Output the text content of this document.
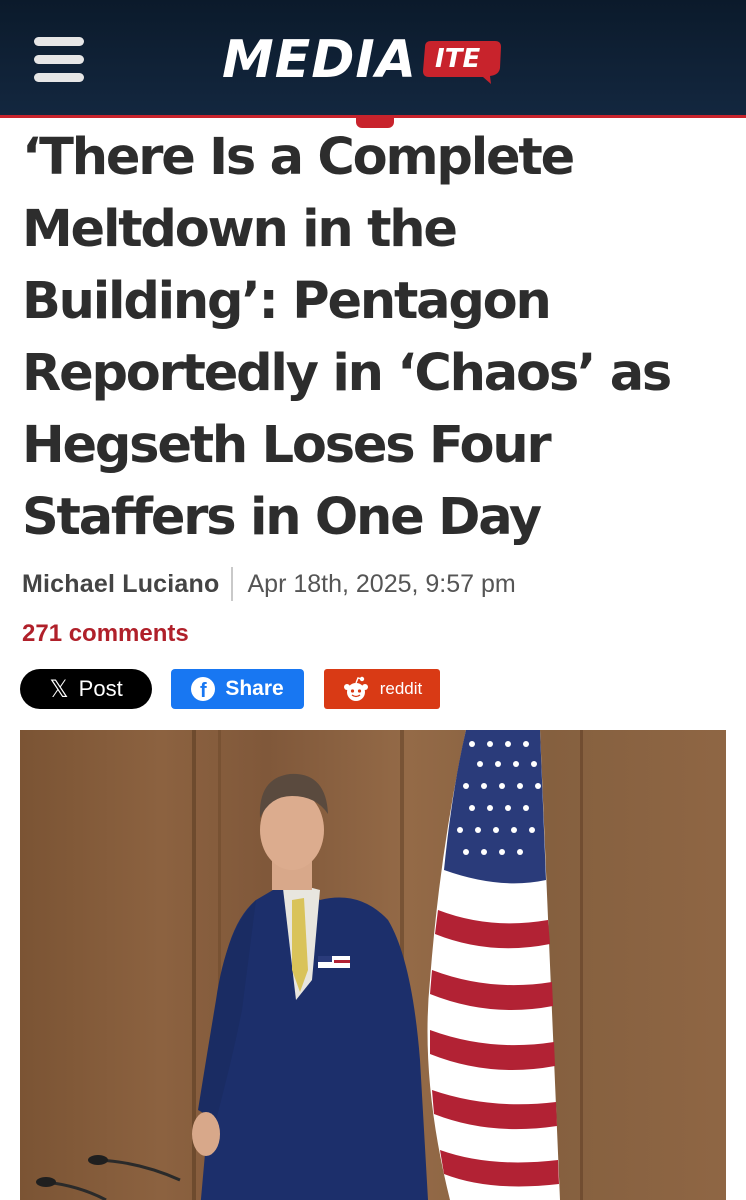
MEDIA ITE
‘There Is a Complete
Meltdown in the
Building’: Pentagon
Reportedly in ‘Chaos’ as
Hegseth Loses Four
Staffers in One Day
Michael Luciano Apr 18th, 2025, 9:57 pm
271 comments
𝕏 Post	f Share	reddit
